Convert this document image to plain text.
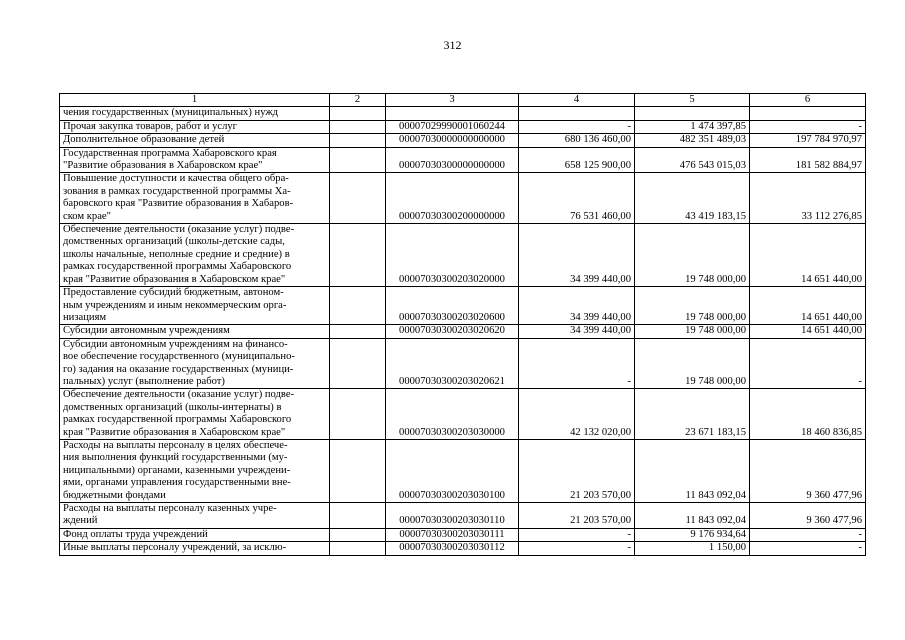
312
1	2	3	4	5	6

чения государственных (муниципальных) нужд					

Прочая закупка товаров, работ и услуг		00007029990001060244	-	1 474 397,85	-

Дополнительное образование детей		00007030000000000000	680 136 460,00	482 351 489,03	197 784 970,97

Государственная программа Хабаровского края
"Развитие образования в Хабаровском крае"		00007030300000000000	658 125 900,00	476 543 015,03	181 582 884,97

Повышение доступности и качества общего обра-
зования в рамках государственной программы Ха-
баровского края "Развитие образования в Хабаров-
ском крае"		00007030300200000000	76 531 460,00	43 419 183,15	33 112 276,85

Обеспечение деятельности (оказание услуг) подве-
домственных организаций (школы-детские сады,
школы начальные, неполные средние и средние) в
рамках государственной программы Хабаровского
края "Развитие образования в Хабаровском крае"		00007030300203020000	34 399 440,00	19 748 000,00	14 651 440,00

Предоставление субсидий бюджетным, автоном-
ным учреждениям и иным некоммерческим орга-
низациям		00007030300203020600	34 399 440,00	19 748 000,00	14 651 440,00

Субсидии автономным учреждениям		00007030300203020620	34 399 440,00	19 748 000,00	14 651 440,00

Субсидии автономным учреждениям на финансо-
вое обеспечение государственного (муниципально-
го) задания на оказание государственных (муници-
пальных) услуг (выполнение работ)		00007030300203020621	-	19 748 000,00	-

Обеспечение деятельности (оказание услуг) подве-
домственных организаций (школы-интернаты) в
рамках государственной программы Хабаровского
края "Развитие образования в Хабаровском крае"		00007030300203030000	42 132 020,00	23 671 183,15	18 460 836,85

Расходы на выплаты персоналу в целях обеспече-
ния выполнения функций государственными (му-
ниципальными) органами, казенными учреждени-
ями, органами управления государственными вне-
бюджетными фондами		00007030300203030100	21 203 570,00	11 843 092,04	9 360 477,96

Расходы на выплаты персоналу казенных учре-
ждений		00007030300203030110	21 203 570,00	11 843 092,04	9 360 477,96

Фонд оплаты труда учреждений		00007030300203030111	-	9 176 934,64	-

Иные выплаты персоналу учреждений, за исклю-		00007030300203030112	-	1 150,00	-
